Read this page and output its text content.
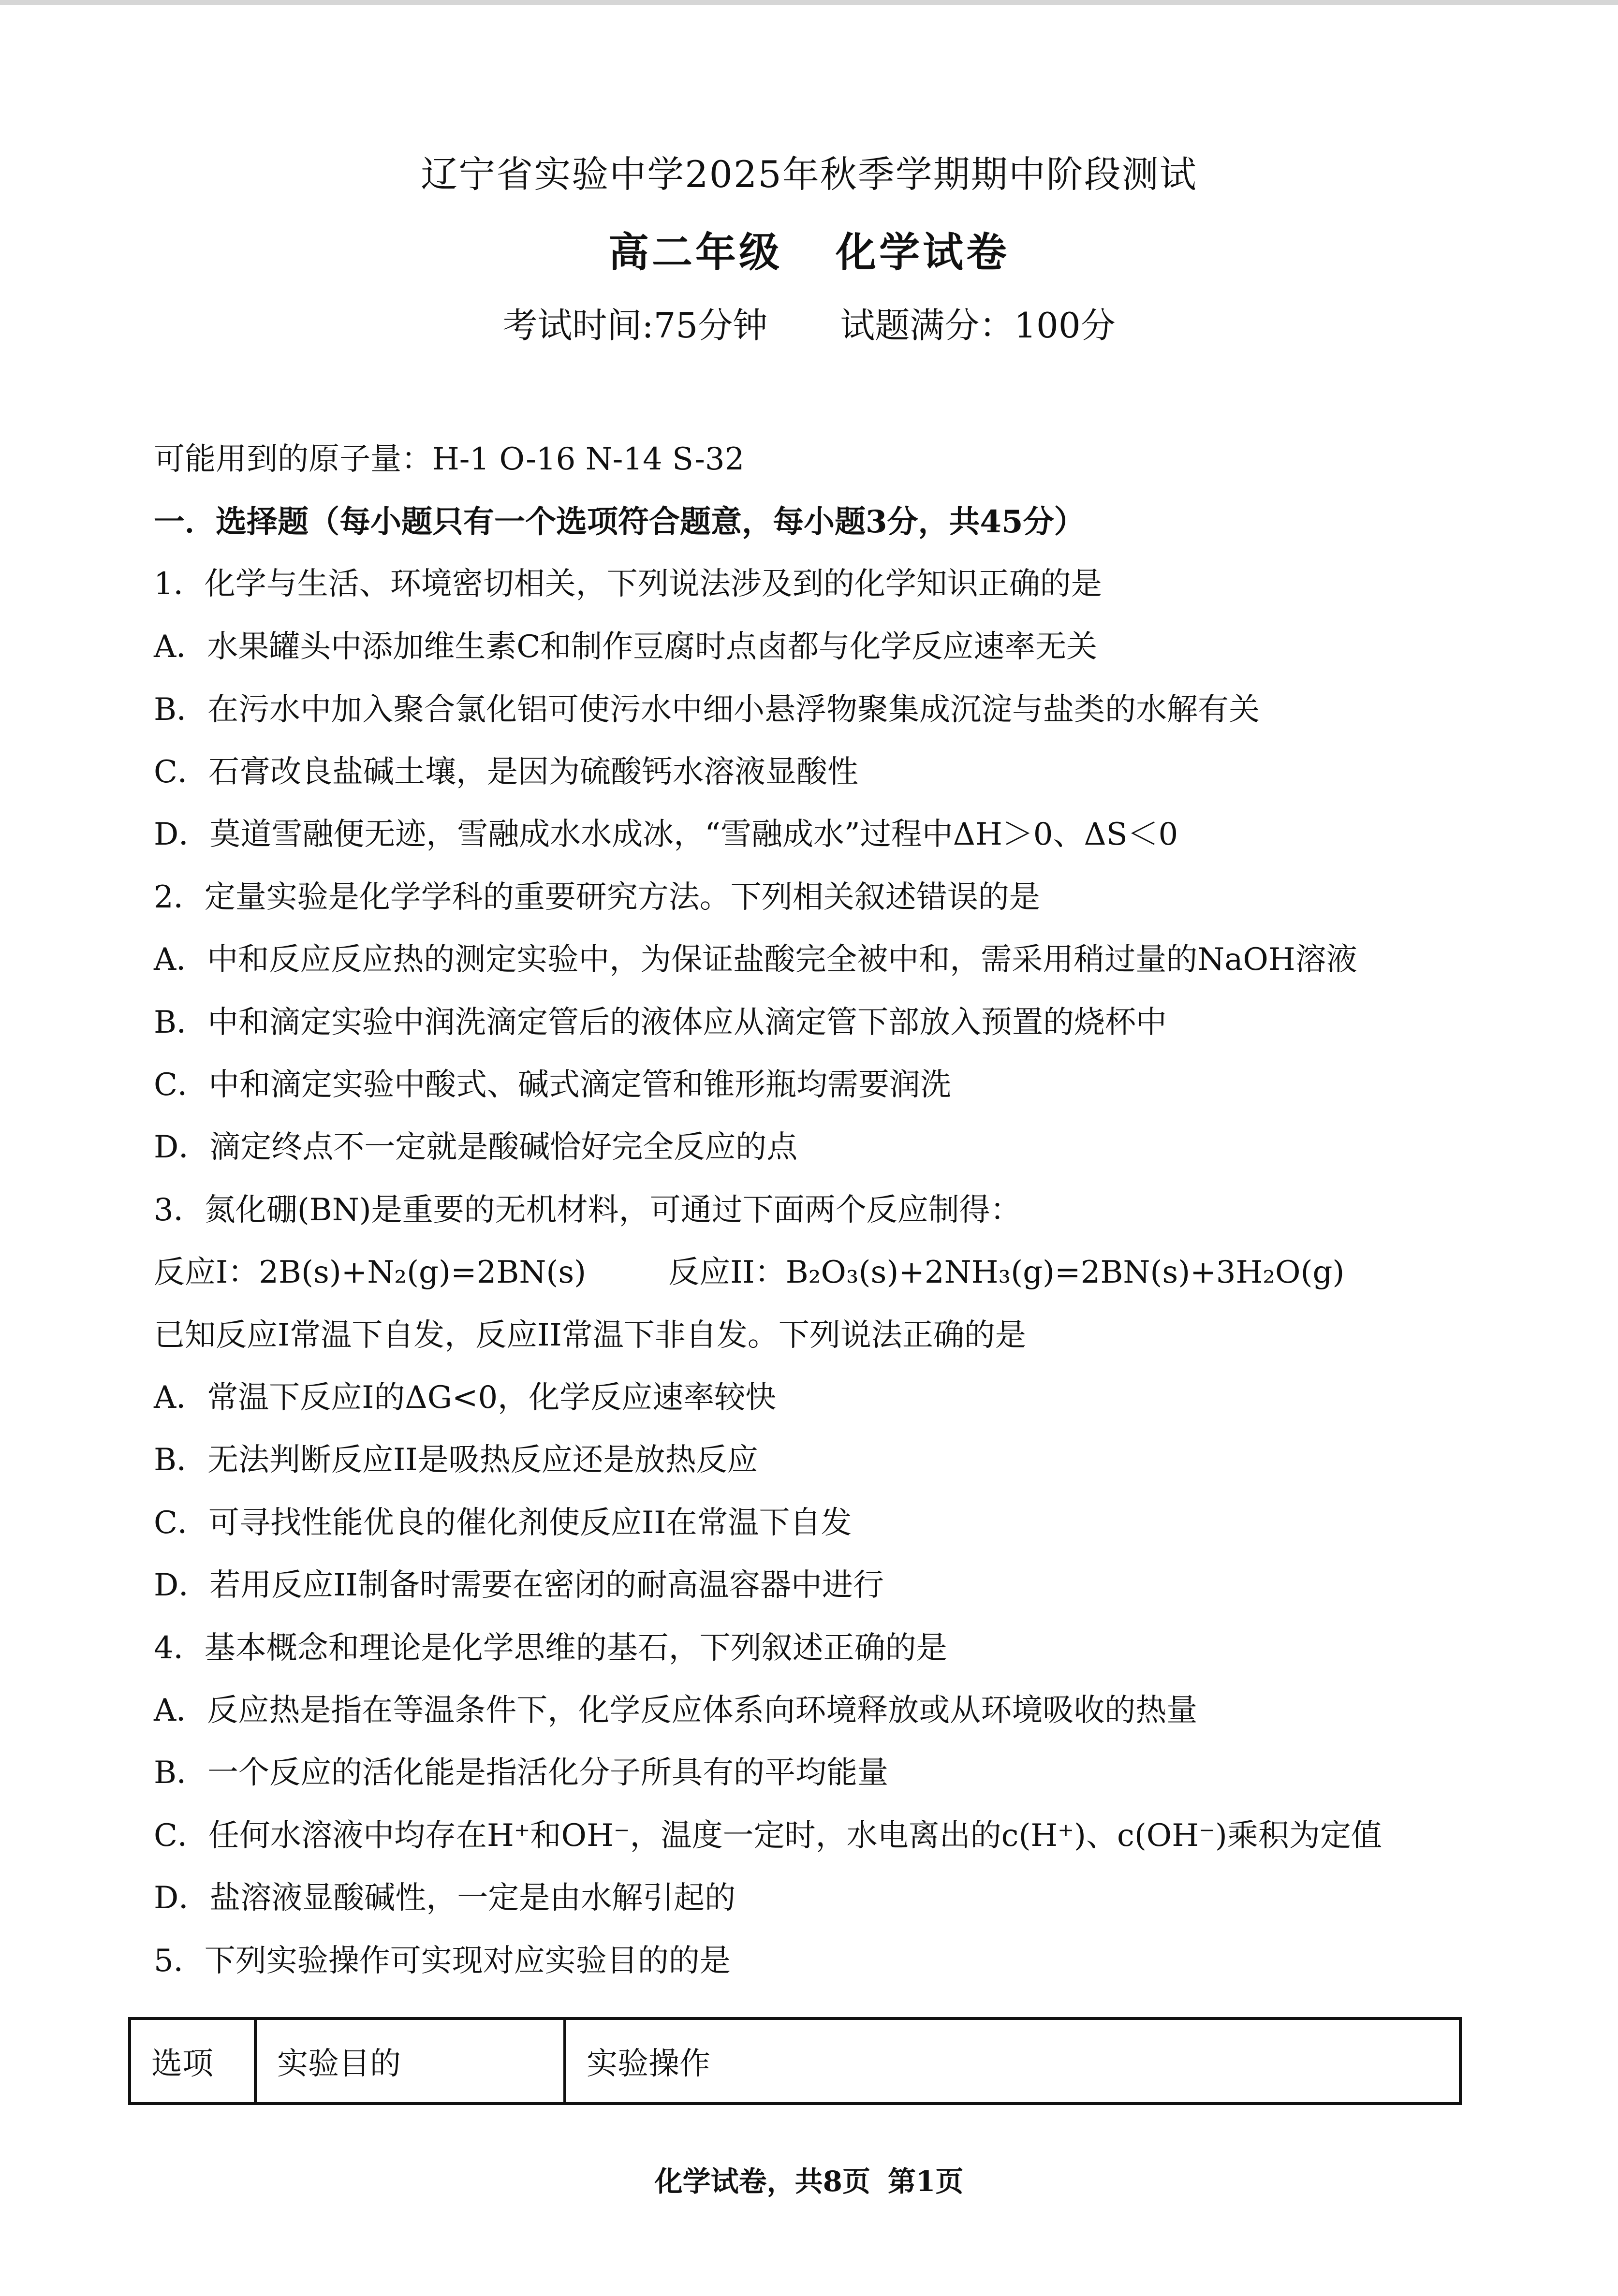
辽宁省实验中学2025年秋季学期期中阶段测试
高二年级 化学试卷
考试时间:75分钟 试题满分：100分
可能用到的原子量：H-1 O-16 N-14 S-32
一．选择题（每小题只有一个选项符合题意，每小题3分，共45分）
1．化学与生活、环境密切相关，下列说法涉及到的化学知识正确的是
A．水果罐头中添加维生素C和制作豆腐时点卤都与化学反应速率无关
B．在污水中加入聚合氯化铝可使污水中细小悬浮物聚集成沉淀与盐类的水解有关
C．石膏改良盐碱土壤，是因为硫酸钙水溶液显酸性
D．莫道雪融便无迹，雪融成水水成冰，“雪融成水”过程中ΔH＞0、ΔS＜0
2．定量实验是化学学科的重要研究方法。下列相关叙述错误的是
A．中和反应反应热的测定实验中，为保证盐酸完全被中和，需采用稍过量的NaOH溶液
B．中和滴定实验中润洗滴定管后的液体应从滴定管下部放入预置的烧杯中
C．中和滴定实验中酸式、碱式滴定管和锥形瓶均需要润洗
D．滴定终点不一定就是酸碱恰好完全反应的点
3．氮化硼(BN)是重要的无机材料，可通过下面两个反应制得：
反应I：2B(s)+N₂(g)=2BN(s)	反应II：B₂O₃(s)+2NH₃(g)=2BN(s)+3H₂O(g)
已知反应I常温下自发，反应II常温下非自发。下列说法正确的是
A．常温下反应I的ΔG<0，化学反应速率较快
B．无法判断反应II是吸热反应还是放热反应
C．可寻找性能优良的催化剂使反应II在常温下自发
D．若用反应II制备时需要在密闭的耐高温容器中进行
4．基本概念和理论是化学思维的基石，下列叙述正确的是
A．反应热是指在等温条件下，化学反应体系向环境释放或从环境吸收的热量
B．一个反应的活化能是指活化分子所具有的平均能量
C．任何水溶液中均存在H⁺和OH⁻，温度一定时，水电离出的c(H⁺)、c(OH⁻)乘积为定值
D．盐溶液显酸碱性，一定是由水解引起的
5．下列实验操作可实现对应实验目的的是
选项	实验目的	实验操作
化学试卷，共8页 第1页
